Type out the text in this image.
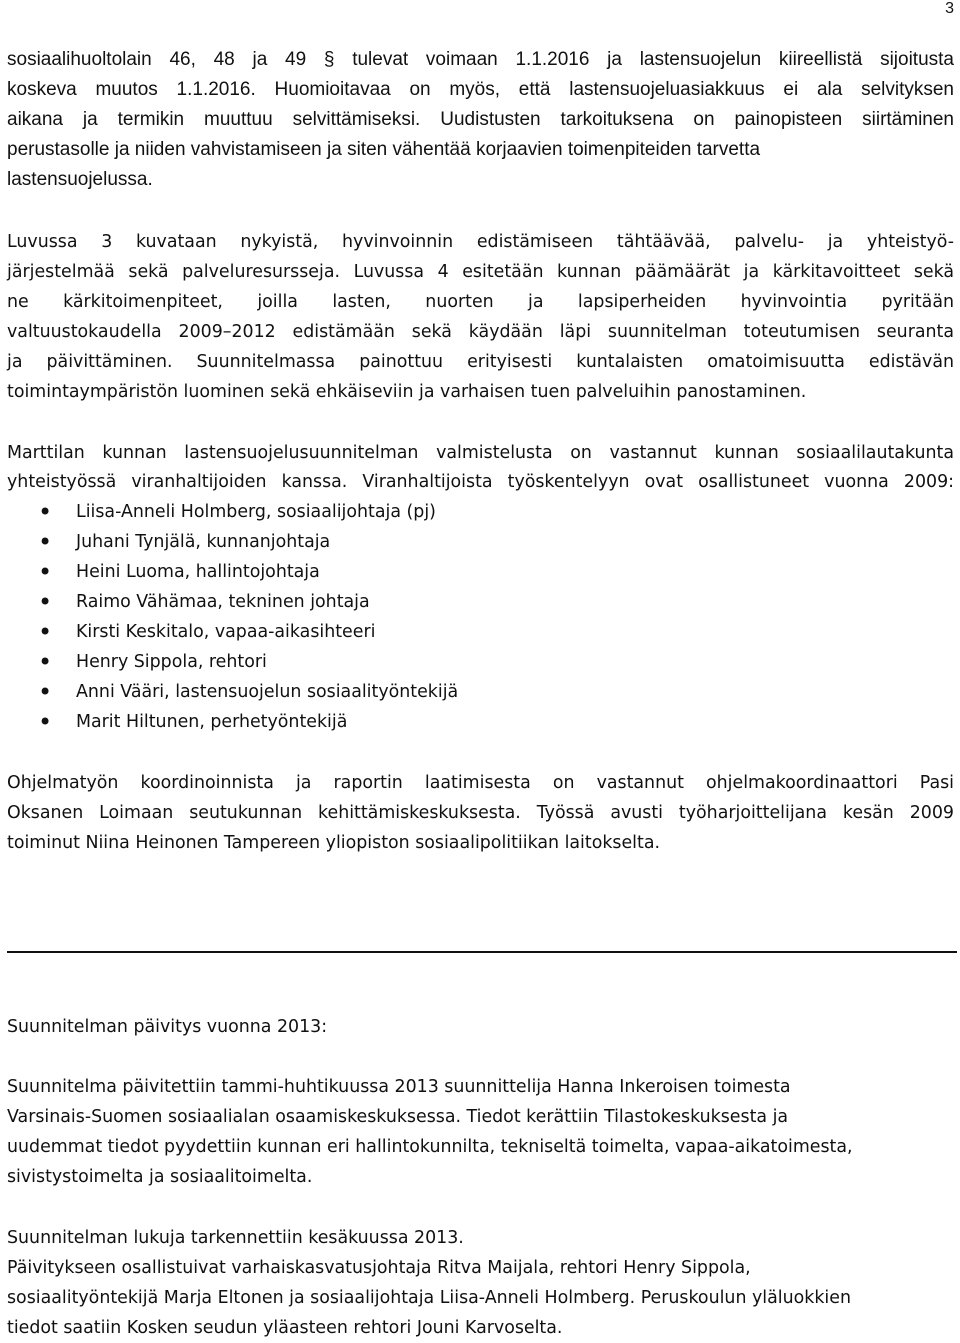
3
sosiaalihuoltolain 46, 48 ja 49 § tulevat voimaan 1.1.2016 ja lastensuojelun kiireellistä sijoitusta
koskeva muutos 1.1.2016. Huomioitavaa on myös, että lastensuojeluasiakkuus ei ala selvityksen
aikana ja termikin muuttuu selvittämiseksi. Uudistusten tarkoituksena on painopisteen siirtäminen
perustasolle ja niiden vahvistamiseen ja siten vähentää korjaavien toimenpiteiden tarvetta
lastensuojelussa.
Luvussa 3 kuvataan nykyistä, hyvinvoinnin edistämiseen tähtäävää, palvelu- ja yhteistyö-
järjestelmää sekä palveluresursseja. Luvussa 4 esitetään kunnan päämäärät ja kärkitavoitteet sekä
ne kärkitoimenpiteet, joilla lasten, nuorten ja lapsiperheiden hyvinvointia pyritään
valtuustokaudella 2009–2012 edistämään sekä käydään läpi suunnitelman toteutumisen seuranta
ja päivittäminen. Suunnitelmassa painottuu erityisesti kuntalaisten omatoimisuutta edistävän
toimintaympäristön luominen sekä ehkäiseviin ja varhaisen tuen palveluihin panostaminen.
Marttilan kunnan lastensuojelusuunnitelman valmistelusta on vastannut kunnan sosiaalilautakunta
yhteistyössä viranhaltijoiden kanssa. Viranhaltijoista työskentelyyn ovat osallistuneet vuonna 2009:
• Liisa-Anneli Holmberg, sosiaalijohtaja (pj)
• Juhani Tynjälä, kunnanjohtaja
• Heini Luoma, hallintojohtaja
• Raimo Vähämaa, tekninen johtaja
• Kirsti Keskitalo, vapaa-aikasihteeri
• Henry Sippola, rehtori
• Anni Vääri, lastensuojelun sosiaalityöntekijä
• Marit Hiltunen, perhetyöntekijä
Ohjelmatyön koordinoinnista ja raportin laatimisesta on vastannut ohjelmakoordinaattori Pasi
Oksanen Loimaan seutukunnan kehittämiskeskuksesta. Työssä avusti työharjoittelijana kesän 2009
toiminut Niina Heinonen Tampereen yliopiston sosiaalipolitiikan laitokselta.
Suunnitelman päivitys vuonna 2013:
Suunnitelma päivitettiin tammi-huhtikuussa 2013 suunnittelija Hanna Inkeroisen toimesta
Varsinais-Suomen sosiaalialan osaamiskeskuksessa. Tiedot kerättiin Tilastokeskuksesta ja
uudemmat tiedot pyydettiin kunnan eri hallintokunnilta, tekniseltä toimelta, vapaa-aikatoimesta,
sivistystoimelta ja sosiaalitoimelta.
Suunnitelman lukuja tarkennettiin kesäkuussa 2013.
Päivitykseen osallistuivat varhaiskasvatusjohtaja Ritva Maijala, rehtori Henry Sippola,
sosiaalityöntekijä Marja Eltonen ja sosiaalijohtaja Liisa-Anneli Holmberg. Peruskoulun yläluokkien
tiedot saatiin Kosken seudun yläasteen rehtori Jouni Karvoselta.
